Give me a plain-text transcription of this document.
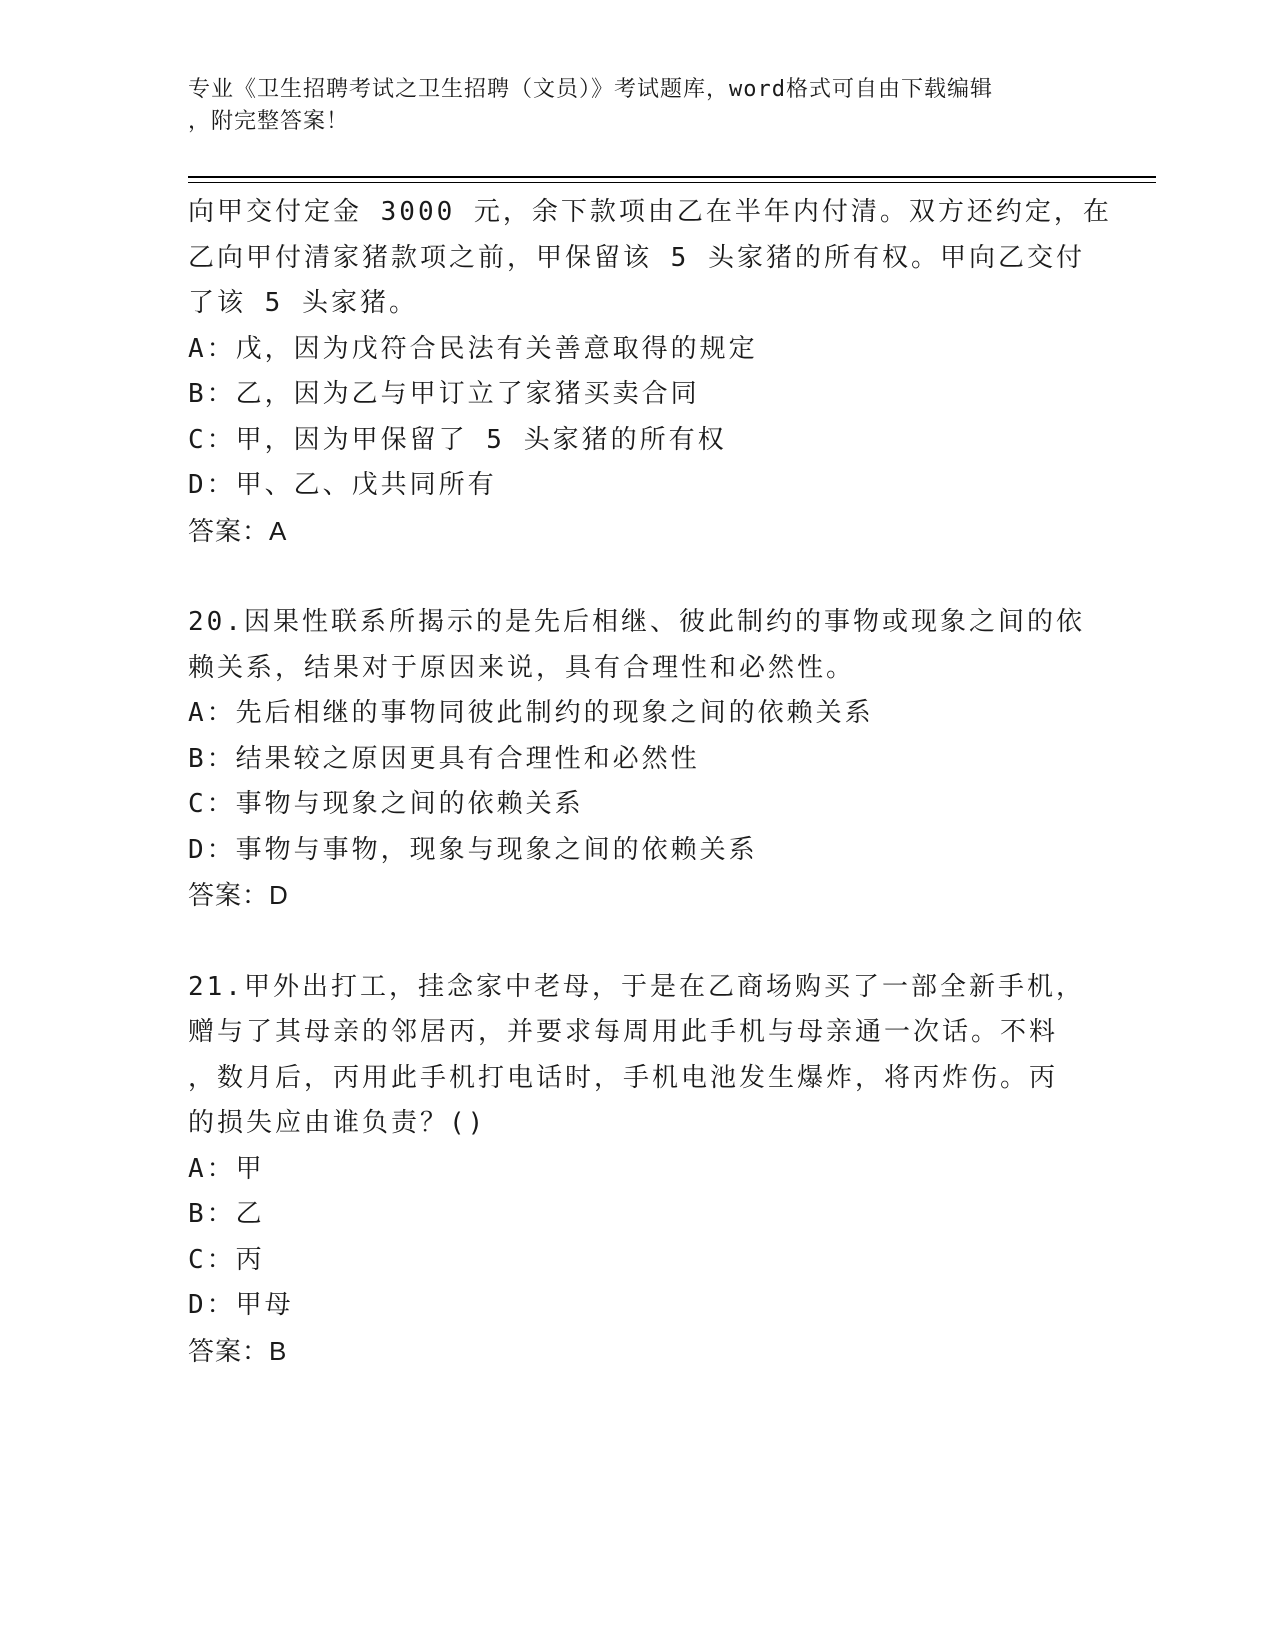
专业《卫生招聘考试之卫生招聘（文员）》考试题库，word格式可自由下载编辑
，附完整答案！
向甲交付定金 3000 元，余下款项由乙在半年内付清。双方还约定，在
乙向甲付清家猪款项之前，甲保留该 5 头家猪的所有权。甲向乙交付
了该 5 头家猪。
A：戊，因为戊符合民法有关善意取得的规定
B：乙，因为乙与甲订立了家猪买卖合同
C：甲，因为甲保留了 5 头家猪的所有权
D：甲、乙、戊共同所有
答案：A
20.因果性联系所揭示的是先后相继、彼此制约的事物或现象之间的依
赖关系，结果对于原因来说，具有合理性和必然性。
A：先后相继的事物同彼此制约的现象之间的依赖关系
B：结果较之原因更具有合理性和必然性
C：事物与现象之间的依赖关系
D：事物与事物，现象与现象之间的依赖关系
答案：D
21.甲外出打工，挂念家中老母，于是在乙商场购买了一部全新手机，
赠与了其母亲的邻居丙，并要求每周用此手机与母亲通一次话。不料
，数月后，丙用此手机打电话时，手机电池发生爆炸，将丙炸伤。丙
的损失应由谁负责？()
A：甲
B：乙
C：丙
D：甲母
答案：B
